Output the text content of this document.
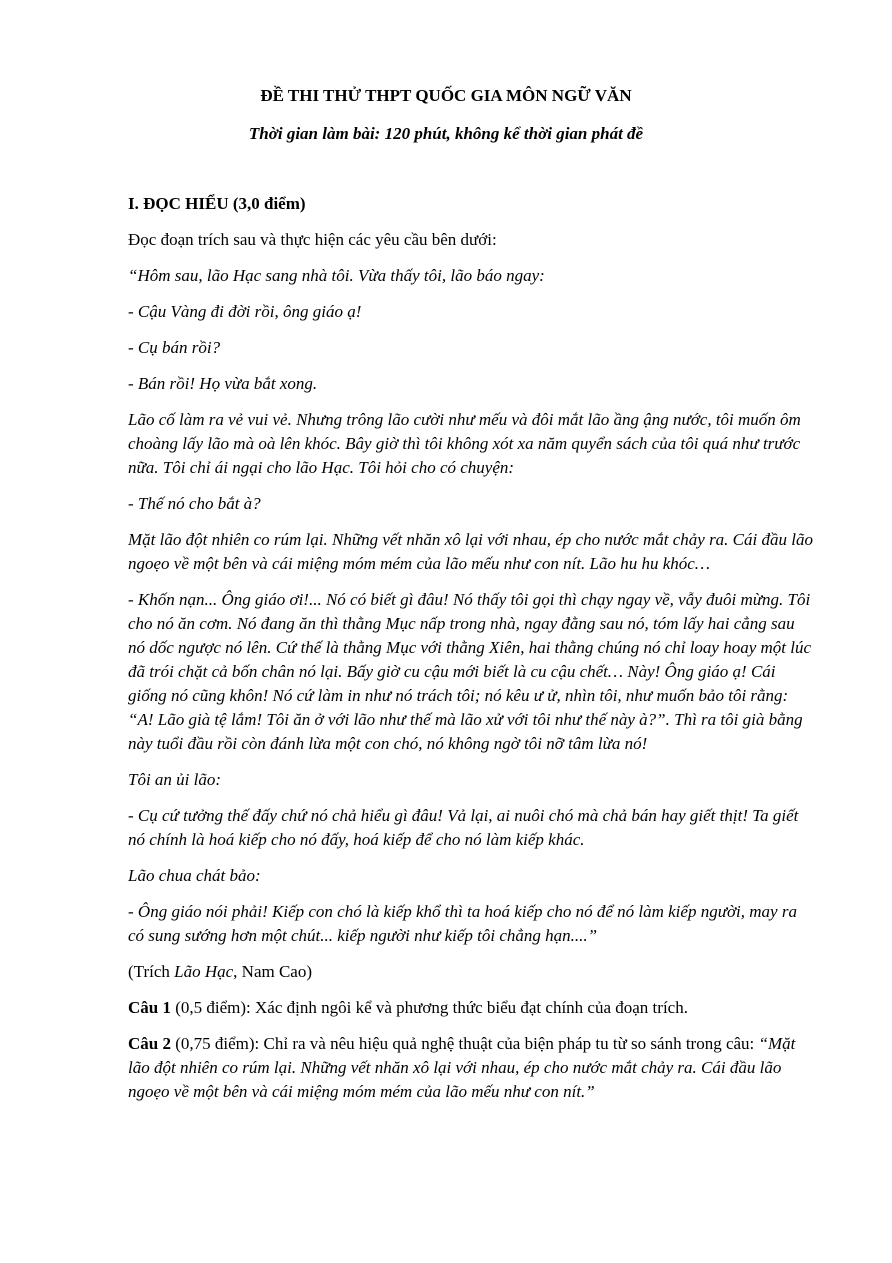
ĐỀ THI THỬ THPT QUỐC GIA MÔN NGỮ VĂN
Thời gian làm bài: 120 phút, không kể thời gian phát đề

I. ĐỌC HIỂU (3,0 điểm)

Đọc đoạn trích sau và thực hiện các yêu cầu bên dưới:

“Hôm sau, lão Hạc sang nhà tôi. Vừa thấy tôi, lão báo ngay:

- Cậu Vàng đi đời rồi, ông giáo ạ!

- Cụ bán rồi?

- Bán rồi! Họ vừa bắt xong.

Lão cố làm ra vẻ vui vẻ. Nhưng trông lão cười như mếu và đôi mắt lão ầng ậng nước, tôi muốn ôm choàng lấy lão mà oà lên khóc. Bây giờ thì tôi không xót xa năm quyển sách của tôi quá như trước nữa. Tôi chỉ ái ngại cho lão Hạc. Tôi hỏi cho có chuyện:

- Thế nó cho bắt à?

Mặt lão đột nhiên co rúm lại. Những vết nhăn xô lại với nhau, ép cho nước mắt chảy ra. Cái đầu lão ngoẹo về một bên và cái miệng móm mém của lão mếu như con nít. Lão hu hu khóc…

- Khốn nạn... Ông giáo ơi!... Nó có biết gì đâu! Nó thấy tôi gọi thì chạy ngay về, vẫy đuôi mừng. Tôi cho nó ăn cơm. Nó đang ăn thì thằng Mục nấp trong nhà, ngay đằng sau nó, tóm lấy hai cẳng sau nó dốc ngược nó lên. Cứ thế là thằng Mục với thằng Xiên, hai thằng chúng nó chỉ loay hoay một lúc đã trói chặt cả bốn chân nó lại. Bấy giờ cu cậu mới biết là cu cậu chết… Này! Ông giáo ạ! Cái giống nó cũng khôn! Nó cứ làm in như nó trách tôi; nó kêu ư ử, nhìn tôi, như muốn bảo tôi rằng: “A! Lão già tệ lắm! Tôi ăn ở với lão như thế mà lão xử với tôi như thế này à?”. Thì ra tôi già bằng này tuổi đầu rồi còn đánh lừa một con chó, nó không ngờ tôi nỡ tâm lừa nó!

Tôi an ủi lão:

- Cụ cứ tưởng thế đấy chứ nó chả hiểu gì đâu! Vả lại, ai nuôi chó mà chả bán hay giết thịt! Ta giết nó chính là hoá kiếp cho nó đấy, hoá kiếp để cho nó làm kiếp khác.

Lão chua chát bảo:

- Ông giáo nói phải! Kiếp con chó là kiếp khổ thì ta hoá kiếp cho nó để nó làm kiếp người, may ra có sung sướng hơn một chút... kiếp người như kiếp tôi chẳng hạn....”

(Trích Lão Hạc, Nam Cao)

Câu 1 (0,5 điểm): Xác định ngôi kể và phương thức biểu đạt chính của đoạn trích.

Câu 2 (0,75 điểm): Chỉ ra và nêu hiệu quả nghệ thuật của biện pháp tu từ so sánh trong câu: “Mặt lão đột nhiên co rúm lại. Những vết nhăn xô lại với nhau, ép cho nước mắt chảy ra. Cái đầu lão ngoẹo về một bên và cái miệng móm mém của lão mếu như con nít.”
